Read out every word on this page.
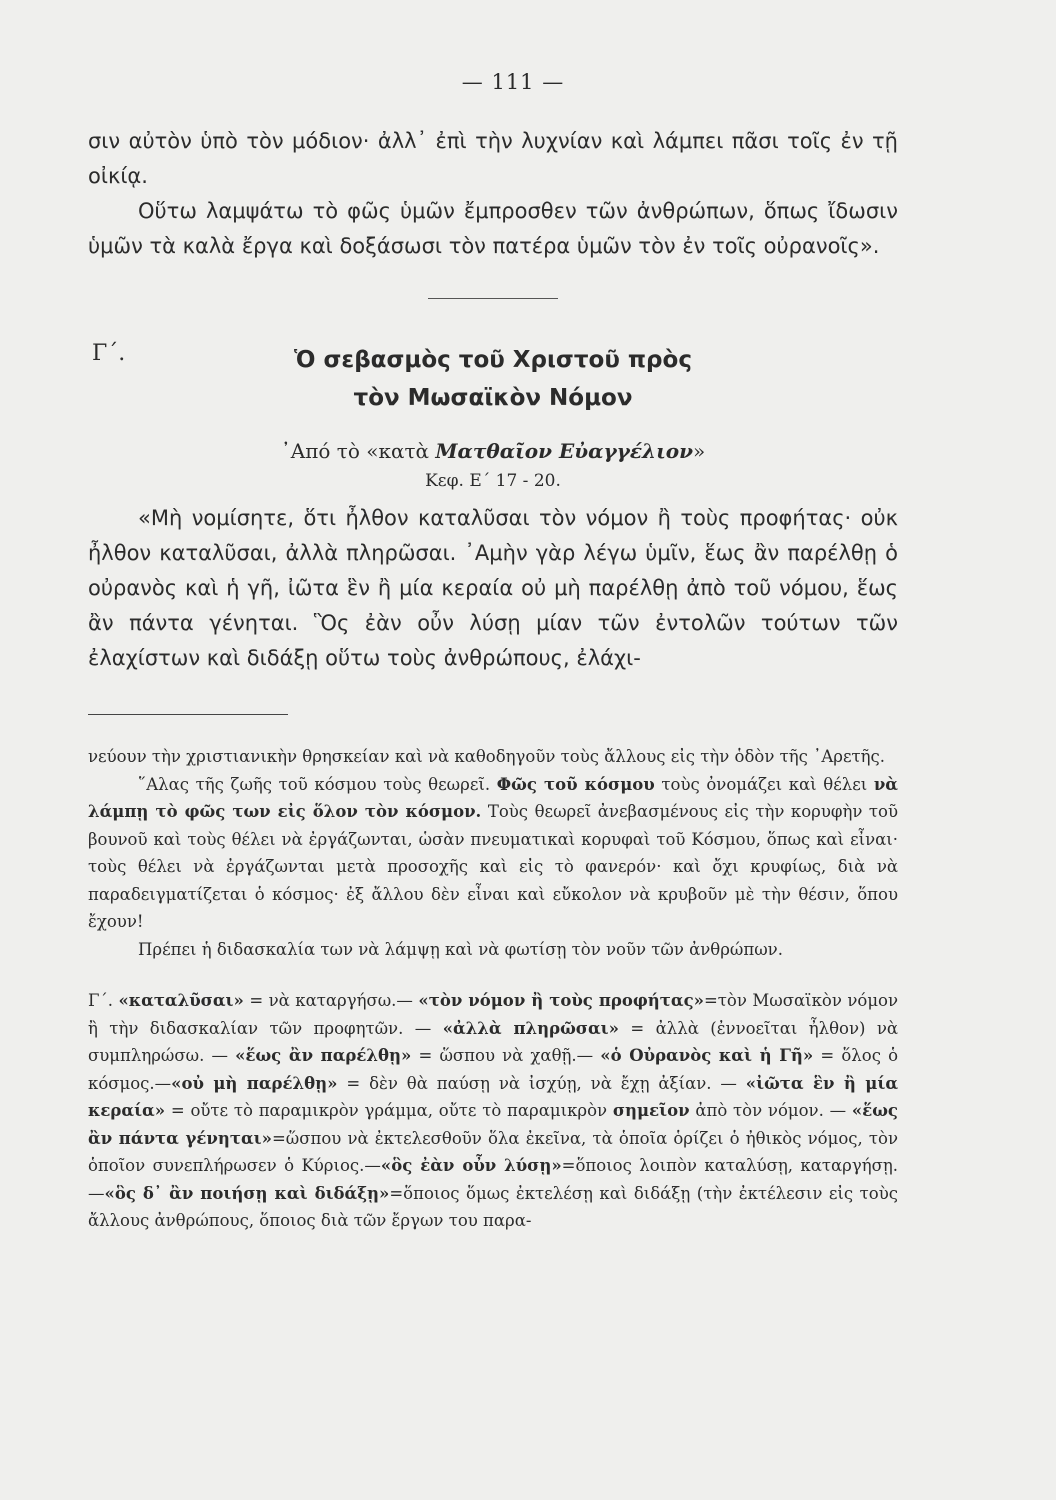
— 111 —

σιν αὐτὸν ὑπὸ τὸν μόδιον· ἀλλ᾽ ἐπὶ τὴν λυχνίαν καὶ λάμπει πᾶσι τοῖς ἐν τῇ οἰκίᾳ.

Οὕτω λαμψάτω τὸ φῶς ὑμῶν ἔμπροσθεν τῶν ἀνθρώπων, ὅπως ἴδωσιν ὑμῶν τὰ καλὰ ἔργα καὶ δοξάσωσι τὸν πατέρα ὑμῶν τὸν ἐν τοῖς οὐρανοῖς».

Γ΄.	Ὁ σεβασμὸς τοῦ Χριστοῦ πρὸς

τὸν Μωσαϊκὸν Νόμον

᾽Από τὸ «κατὰ Ματθαῖον Εὐαγγέλιον»
Κεφ. Ε΄ 17 - 20.

«Μὴ νομίσητε, ὅτι ἦλθον καταλῦσαι τὸν νόμον ἢ τοὺς προφήτας· οὐκ ἦλθον καταλῦσαι, ἀλλὰ πληρῶσαι. ᾽Αμὴν γὰρ λέγω ὑμῖν, ἕως ἂν παρέλθῃ ὁ οὐρανὸς καὶ ἡ γῆ, ἰῶτα ἓν ἢ μία κεραία οὐ μὴ παρέλθῃ ἀπὸ τοῦ νόμου, ἕως ἂν πάντα γένηται. Ὃς ἐὰν οὖν λύσῃ μίαν τῶν ἐντολῶν τούτων τῶν ἐλαχίστων καὶ διδάξῃ οὕτω τοὺς ἀνθρώπους, ἐλάχι-

νεύουν τὴν χριστιανικὴν θρησκείαν καὶ νὰ καθοδηγοῦν τοὺς ἄλλους εἰς τὴν ὁδὸν τῆς ᾽Αρετῆς.

῞Αλας τῆς ζωῆς τοῦ κόσμου τοὺς θεωρεῖ. Φῶς τοῦ κόσμου τοὺς ὀνομάζει καὶ θέλει νὰ λάμπῃ τὸ φῶς των εἰς ὅλον τὸν κόσμον. Τοὺς θεωρεῖ ἀνεβασμένους εἰς τὴν κορυφὴν τοῦ βουνοῦ καὶ τοὺς θέλει νὰ ἐργάζωνται, ὡσὰν πνευματικαὶ κορυφαὶ τοῦ Κόσμου, ὅπως καὶ εἶναι· τοὺς θέλει νὰ ἐργάζωνται μετὰ προσοχῆς καὶ εἰς τὸ φανερόν· καὶ ὄχι κρυφίως, διὰ νὰ παραδειγματίζεται ὁ κόσμος· ἐξ ἄλλου δὲν εἶναι καὶ εὔκολον νὰ κρυβοῦν μὲ τὴν θέσιν, ὅπου ἔχουν!

Πρέπει ἡ διδασκαλία των νὰ λάμψῃ καὶ νὰ φωτίσῃ τὸν νοῦν τῶν ἀνθρώπων.

Γ΄. «καταλῦσαι» = νὰ καταργήσω.— «τὸν νόμον ἢ τοὺς προφήτας»=τὸν Μωσαϊκὸν νόμον ἢ τὴν διδασκαλίαν τῶν προφητῶν. — «ἀλλὰ πληρῶσαι» = ἀλλὰ (ἐννοεῖται ἦλθον) νὰ συμπληρώσω. — «ἕως ἂν παρέλθῃ» = ὥσπου νὰ χαθῇ.— «ὁ Οὐρανὸς καὶ ἡ Γῆ» = ὅλος ὁ κόσμος.—«οὐ μὴ παρέλθῃ» = δὲν θὰ παύσῃ νὰ ἰσχύῃ, νὰ ἔχῃ ἀξίαν. — «ἰῶτα ἓν ἢ μία κεραία» = οὔτε τὸ παραμικρὸν γράμμα, οὔτε τὸ παραμικρὸν σημεῖον ἀπὸ τὸν νόμον. — «ἕως ἂν πάντα γένηται»=ὥσπου νὰ ἐκτελεσθοῦν ὅλα ἐκεῖνα, τὰ ὁποῖα ὁρίζει ὁ ἠθικὸς νόμος, τὸν ὁποῖον συνεπλήρωσεν ὁ Κύριος.—«ὃς ἐὰν οὖν λύσῃ»=ὅποιος λοιπὸν καταλύσῃ, καταργήσῃ.—«ὃς δ᾽ ἂν ποιήσῃ καὶ διδάξῃ»=ὅποιος ὅμως ἐκτελέσῃ καὶ διδάξῃ (τὴν ἐκτέλεσιν εἰς τοὺς ἄλλους ἀνθρώπους, ὅποιος διὰ τῶν ἔργων του παρα-
